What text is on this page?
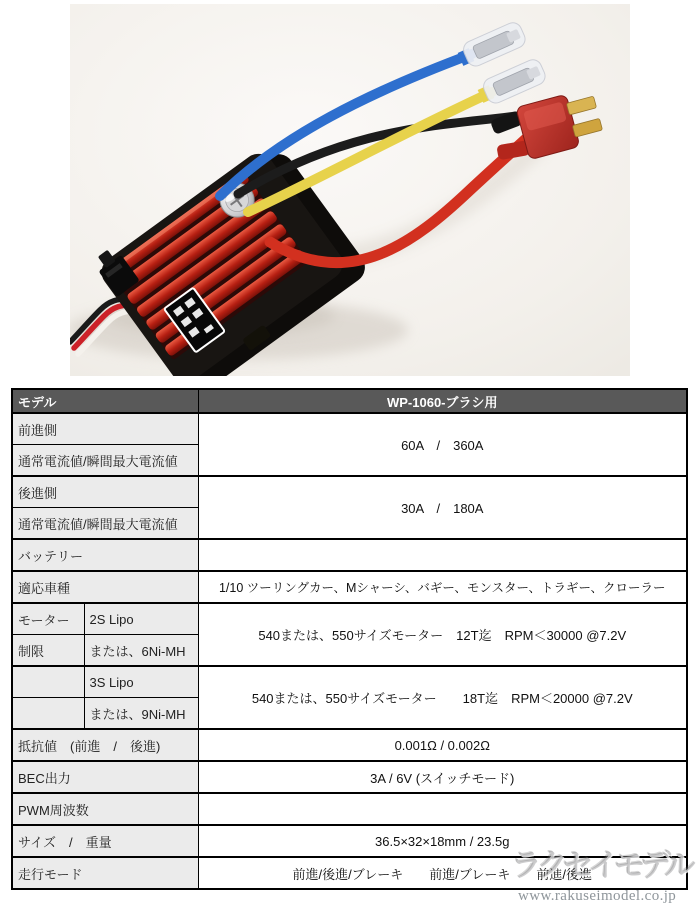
モデル		WP-1060-ブラシ用
前進側		60A　/　360A
通常電流値/瞬間最大電流値		
後進側		30A　/　180A
通常電流値/瞬間最大電流値		
バッテリー		
適応車種		1/10 ツーリングカー、Mシャーシ、バギー、モンスター、トラギー、クローラー
モーター	2S Lipo	540または、550サイズモーター　12T迄　RPM＜30000 @7.2V
制限	または、6Ni-MH	
	3S Lipo	540または、550サイズモーター　　18T迄　RPM＜20000 @7.2V
	または、9Ni-MH	
抵抗値　(前進　/　後進)		0.001Ω / 0.002Ω
BEC出力		3A / 6V (スイッチモード)
PWM周波数		
サイズ　/　重量		36.5×32×18mm / 23.5g
走行モード		前進/後進/ブレーキ　　前進/ブレーキ　　前進/後進
ラクセイモデル
www.rakuseimodel.co.jp
